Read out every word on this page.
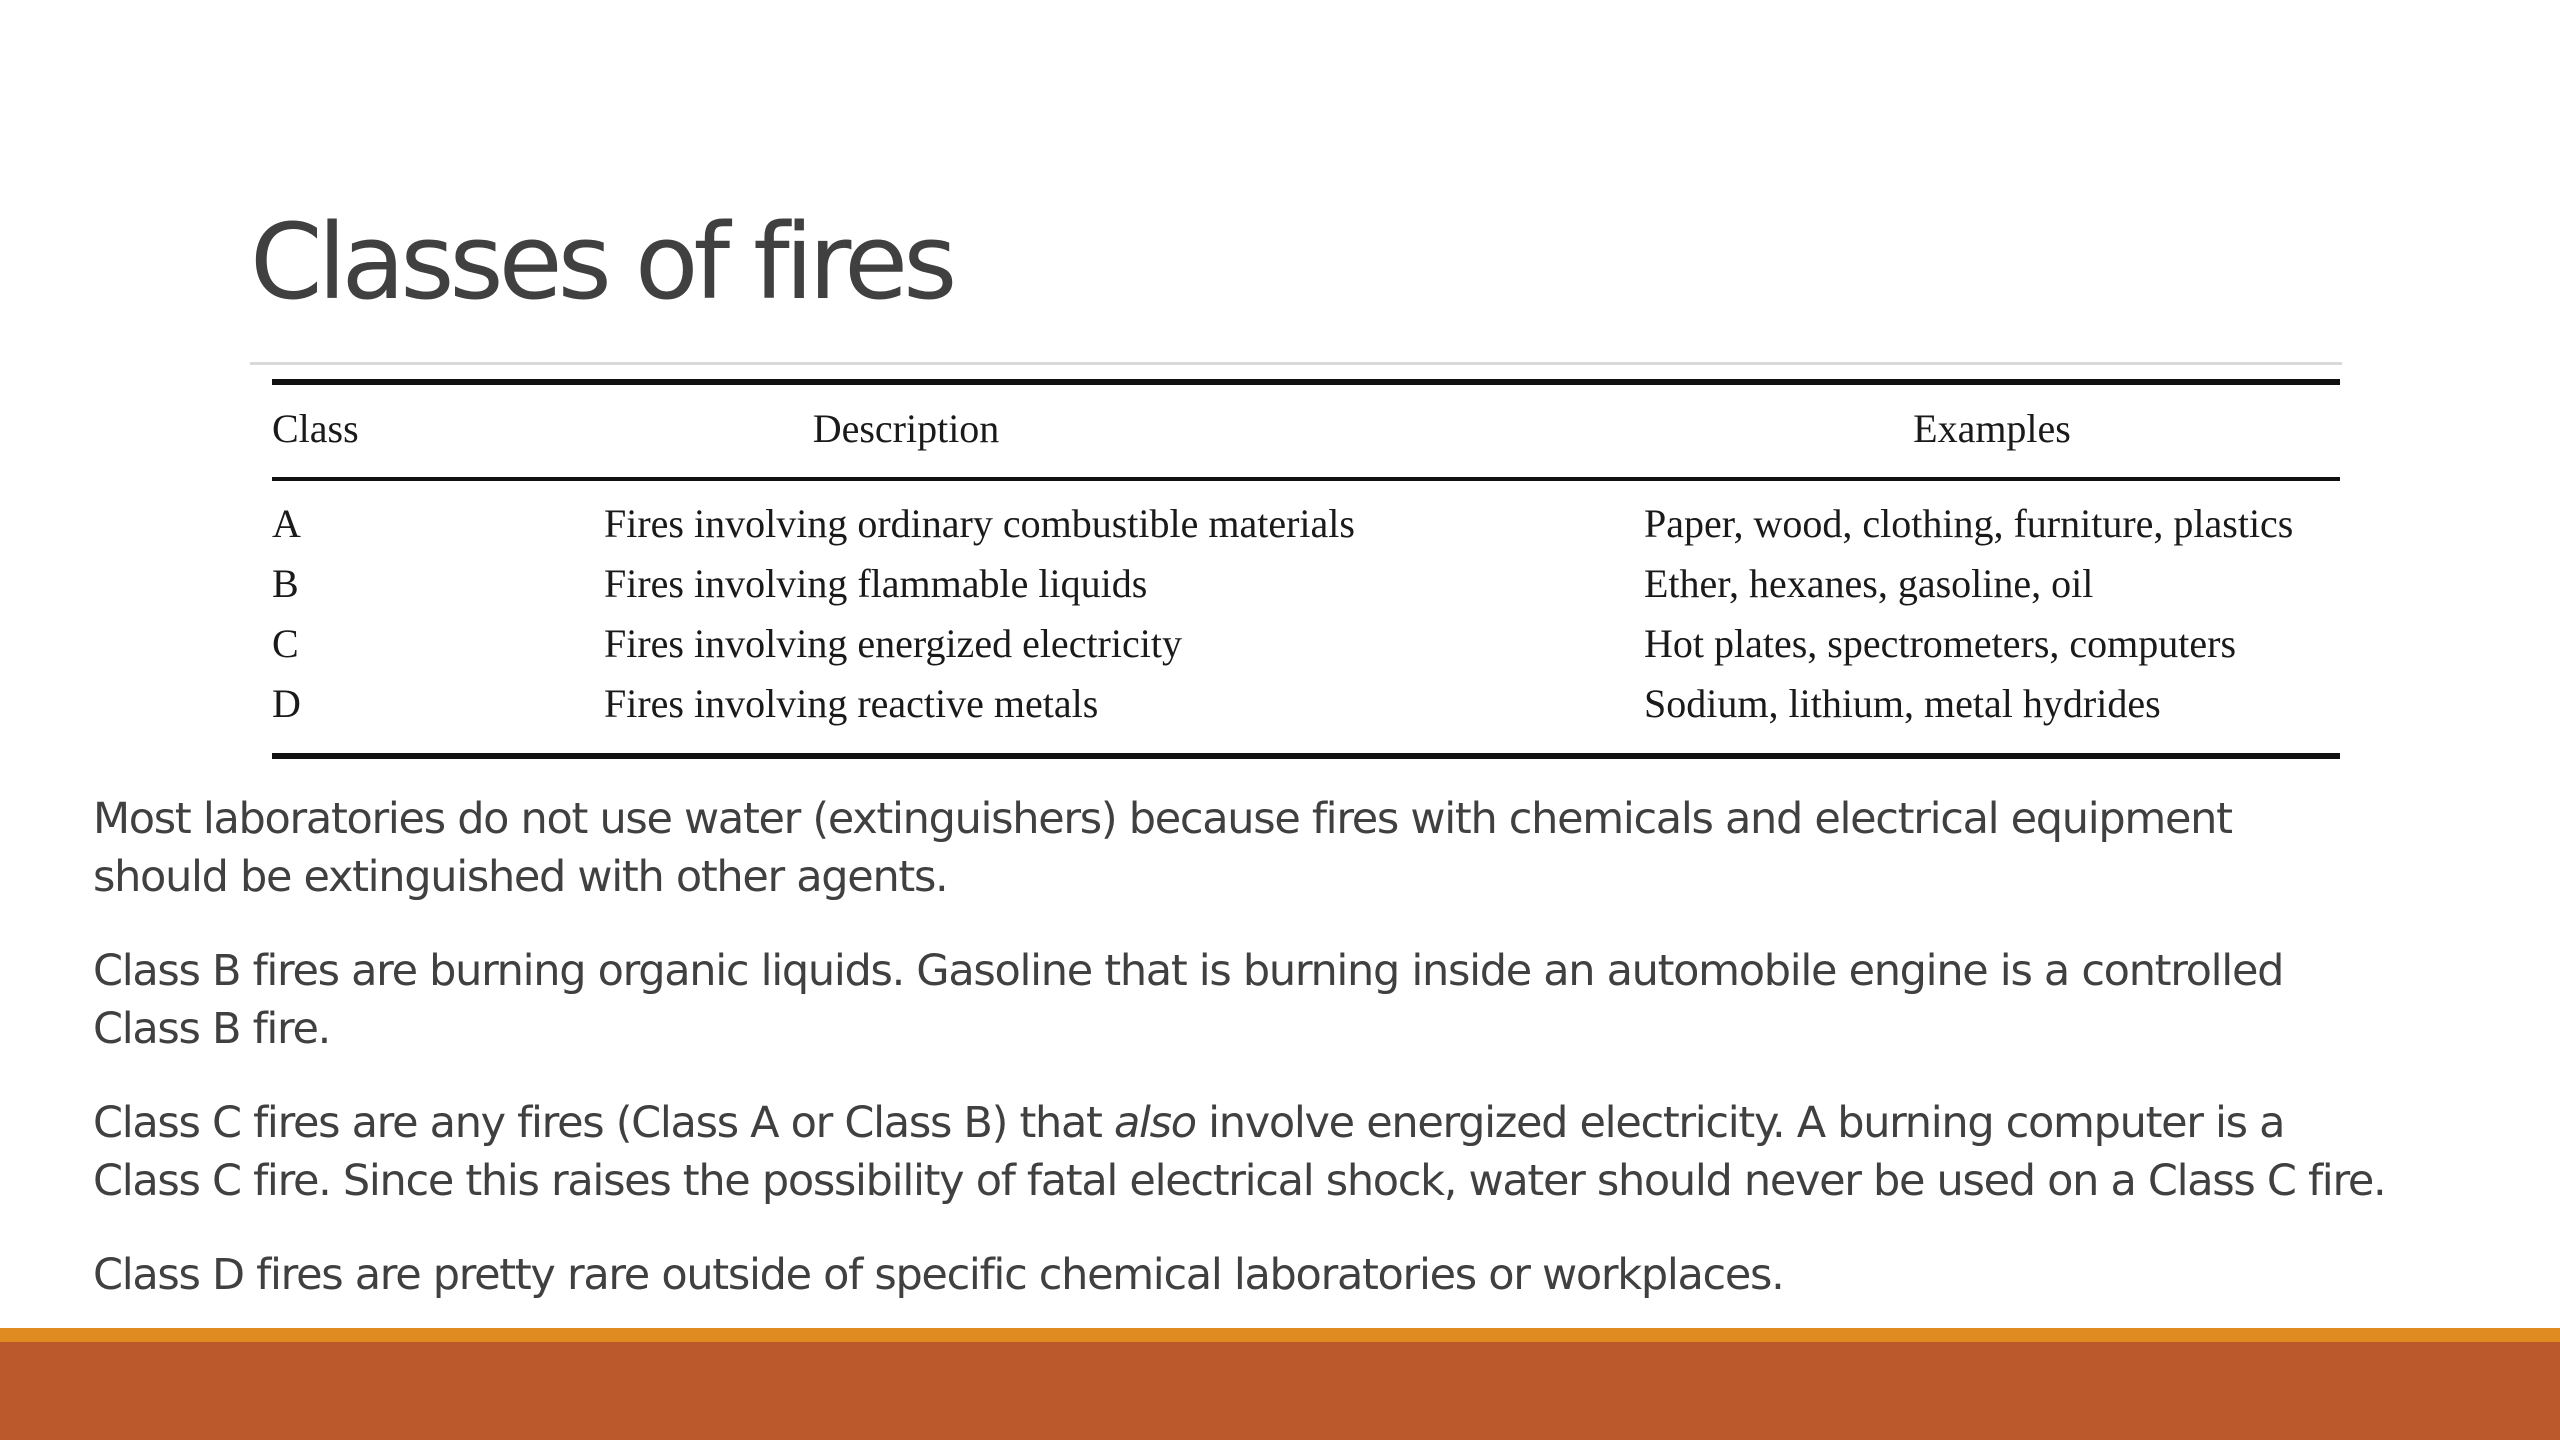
Classes of fires
Class	Description	Examples
A	Fires involving ordinary combustible materials	Paper, wood, clothing, furniture, plastics
B	Fires involving flammable liquids	Ether, hexanes, gasoline, oil
C	Fires involving energized electricity	Hot plates, spectrometers, computers
D	Fires involving reactive metals	Sodium, lithium, metal hydrides

Most laboratories do not use water (extinguishers) because fires with chemicals and electrical equipment
should be extinguished with other agents.

Class B fires are burning organic liquids. Gasoline that is burning inside an automobile engine is a controlled
Class B fire.

Class C fires are any fires (Class A or Class B) that also involve energized electricity. A burning computer is a
Class C fire. Since this raises the possibility of fatal electrical shock, water should never be used on a Class C fire.

Class D fires are pretty rare outside of specific chemical laboratories or workplaces.
